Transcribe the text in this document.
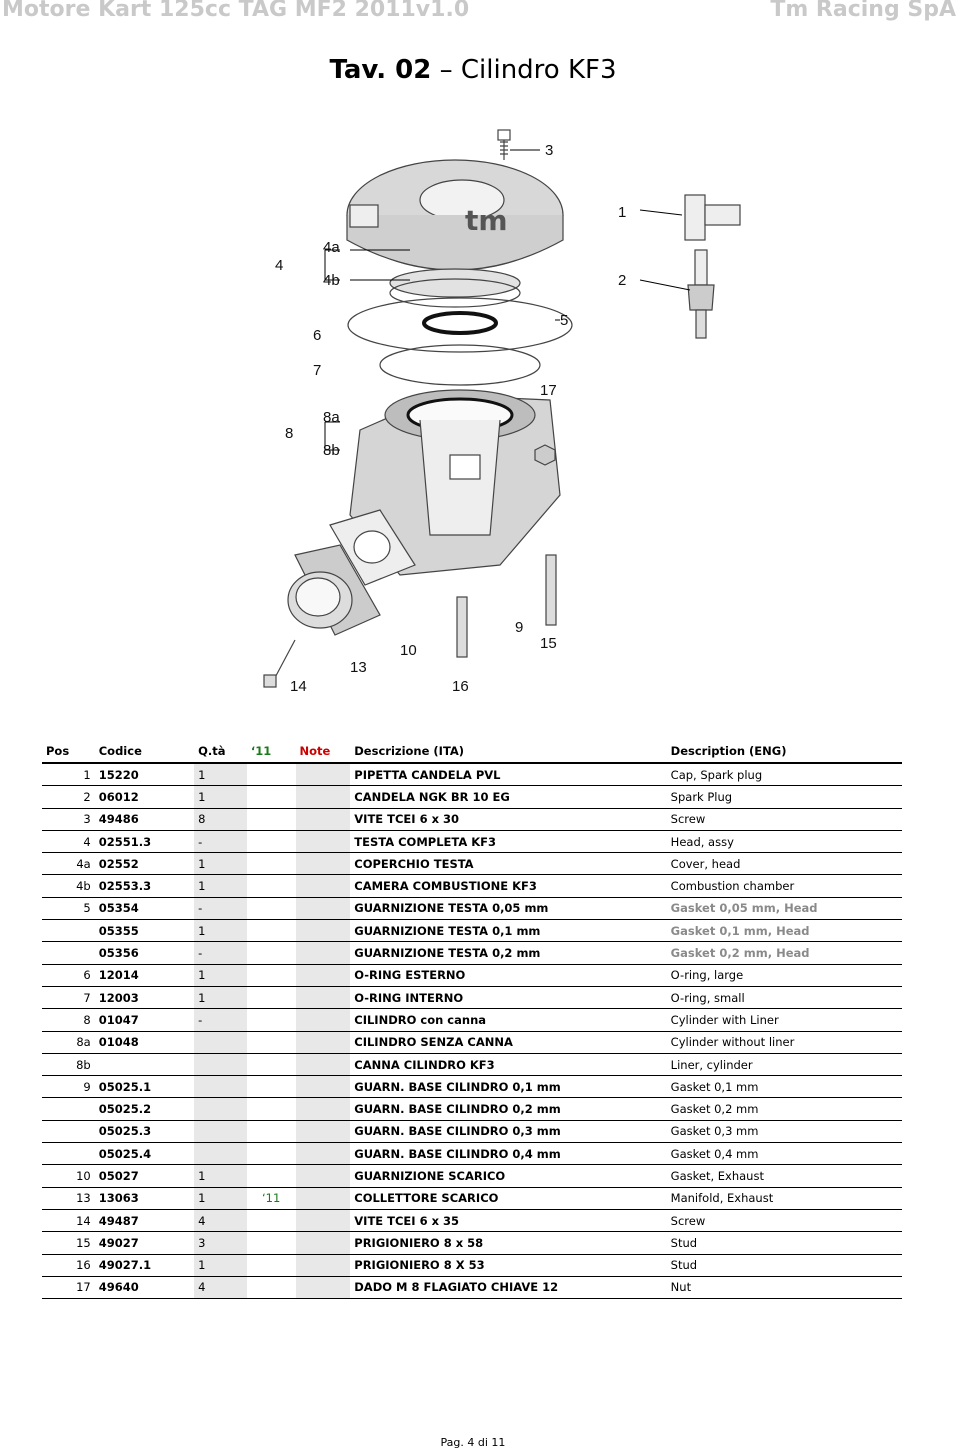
Motore Kart 125cc TAG MF2 2011v1.0	Tm Racing SpA
Tav. 02 – Cilindro KF3
tm
3
1
2
4a
4
4b
5
6
7
17
8a
8
8b
9
15
10
13
14	16
Pos	Codice	Q.tà	‘11	Note	Descrizione (ITA)	Description (ENG)
1	15220	1			PIPETTA CANDELA PVL	Cap, Spark plug
2	06012	1			CANDELA NGK BR 10 EG	Spark Plug
3	49486	8			VITE TCEI 6 x 30	Screw
4	02551.3	-			TESTA COMPLETA KF3	Head, assy
4a	02552	1			COPERCHIO TESTA	Cover, head
4b	02553.3	1			CAMERA COMBUSTIONE KF3	Combustion chamber
5	05354	-			GUARNIZIONE TESTA 0,05 mm	Gasket 0,05 mm, Head
	05355	1			GUARNIZIONE TESTA 0,1 mm	Gasket 0,1 mm, Head
	05356	-			GUARNIZIONE TESTA 0,2 mm	Gasket 0,2 mm, Head
6	12014	1			O-RING ESTERNO	O-ring, large
7	12003	1			O-RING INTERNO	O-ring, small
8	01047	-			CILINDRO con canna	Cylinder with Liner
8a	01048				CILINDRO SENZA CANNA	Cylinder without liner
8b					CANNA CILINDRO KF3	Liner, cylinder
9	05025.1				GUARN. BASE CILINDRO 0,1 mm	Gasket 0,1 mm
	05025.2				GUARN. BASE CILINDRO 0,2 mm	Gasket 0,2 mm
	05025.3				GUARN. BASE CILINDRO 0,3 mm	Gasket 0,3 mm
	05025.4				GUARN. BASE CILINDRO 0,4 mm	Gasket 0,4 mm
10	05027	1			GUARNIZIONE SCARICO	Gasket, Exhaust
13	13063	1	‘11		COLLETTORE SCARICO	Manifold, Exhaust
14	49487	4			VITE TCEI 6 x 35	Screw
15	49027	3			PRIGIONIERO 8 x 58	Stud
16	49027.1	1			PRIGIONIERO 8 X 53	Stud
17	49640	4			DADO M 8 FLAGIATO CHIAVE 12	Nut
Pag. 4 di 11
